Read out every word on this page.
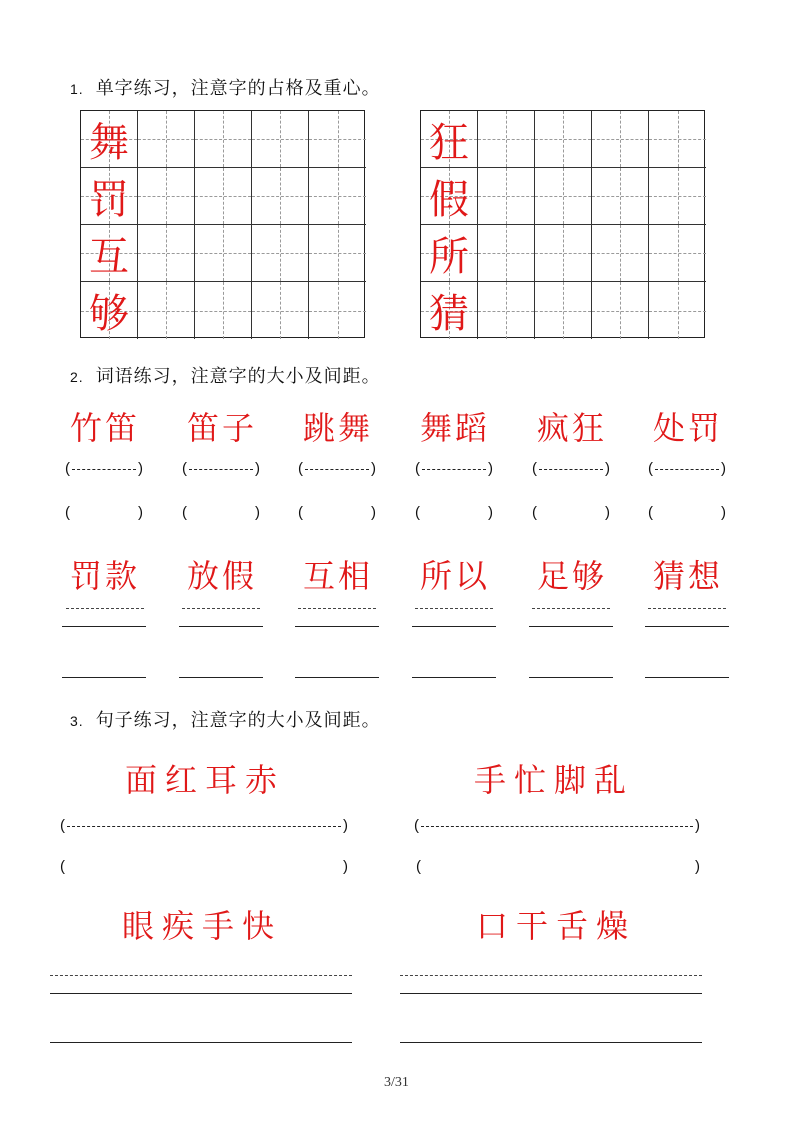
1. 单字练习，注意字的占格及重心。
舞
罚
互
够
狂
假
所
猜
2. 词语练习，注意字的大小及间距。
竹笛	笛子	跳舞	舞蹈	疯狂	处罚
(	)	(	)	(	)	(	)	(	)	(	)
(	)	(	)	(	)	(	)	(	)	(	)
罚款	放假	互相	所以	足够	猜想
3. 句子练习，注意字的大小及间距。
面红耳赤	手忙脚乱
(	)	(	)
(	)	(	)
眼疾手快	口干舌燥
3/31
